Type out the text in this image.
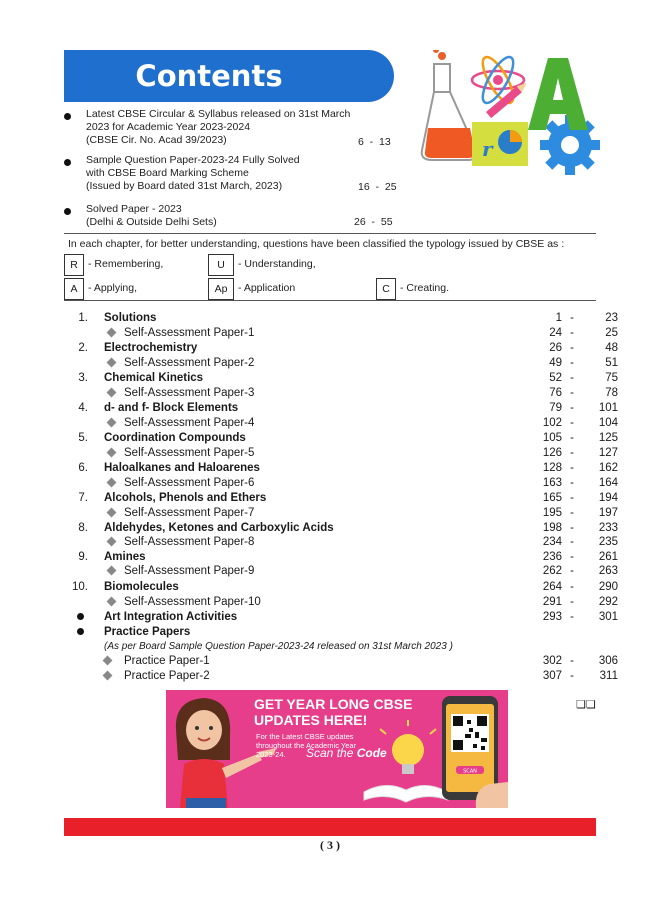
Contents
r
Latest CBSE Circular & Syllabus released on 31st March
2023 for Academic Year 2023-2024
(CBSE Cir. No. Acad 39/2023)	6  -  13
Sample Question Paper-2023-24 Fully Solved
with CBSE Board Marking Scheme
(Issued by Board dated 31st March, 2023)	16  -  25
Solved Paper - 2023
(Delhi & Outside Delhi Sets)	26  -  55
In each chapter, for better understanding, questions have been classified the typology issued by CBSE as :
R - Remembering,	U	- Understanding,
A	- Applying,	Ap	- Application	C - Creating.
1. Solutions	1 -	23
Self-Assessment Paper-1	24 -	25
2. Electrochemistry	26 -	48
Self-Assessment Paper-2	49 -	51
3. Chemical Kinetics	52 -	75
Self-Assessment Paper-3	76 -	78
4. d- and f- Block Elements	79 -	101
Self-Assessment Paper-4	102 -	104
5. Coordination Compounds	105 -	125
Self-Assessment Paper-5	126 -	127
6. Haloalkanes and Haloarenes	128 -	162
Self-Assessment Paper-6	163 -	164
7. Alcohols, Phenols and Ethers	165 -	194
Self-Assessment Paper-7	195 -	197
8. Aldehydes, Ketones and Carboxylic Acids	198 -	233
Self-Assessment Paper-8	234 -	235
9. Amines	236 -	261
Self-Assessment Paper-9	262 -	263
10. Biomolecules	264 -	290
Self-Assessment Paper-10	291 -	292
Art Integration Activities	293 -	301
Practice Papers
(As per Board Sample Question Paper-2023-24 released on 31st March 2023 )
Practice Paper-1	302 -	306
Practice Paper-2	307 -	311
❏❏
GET YEAR LONG CBSE
UPDATES HERE!
For the Latest CBSE updates
throughout the Academic Year
2023-24. Scan the Code
SCAN
( 3 )
